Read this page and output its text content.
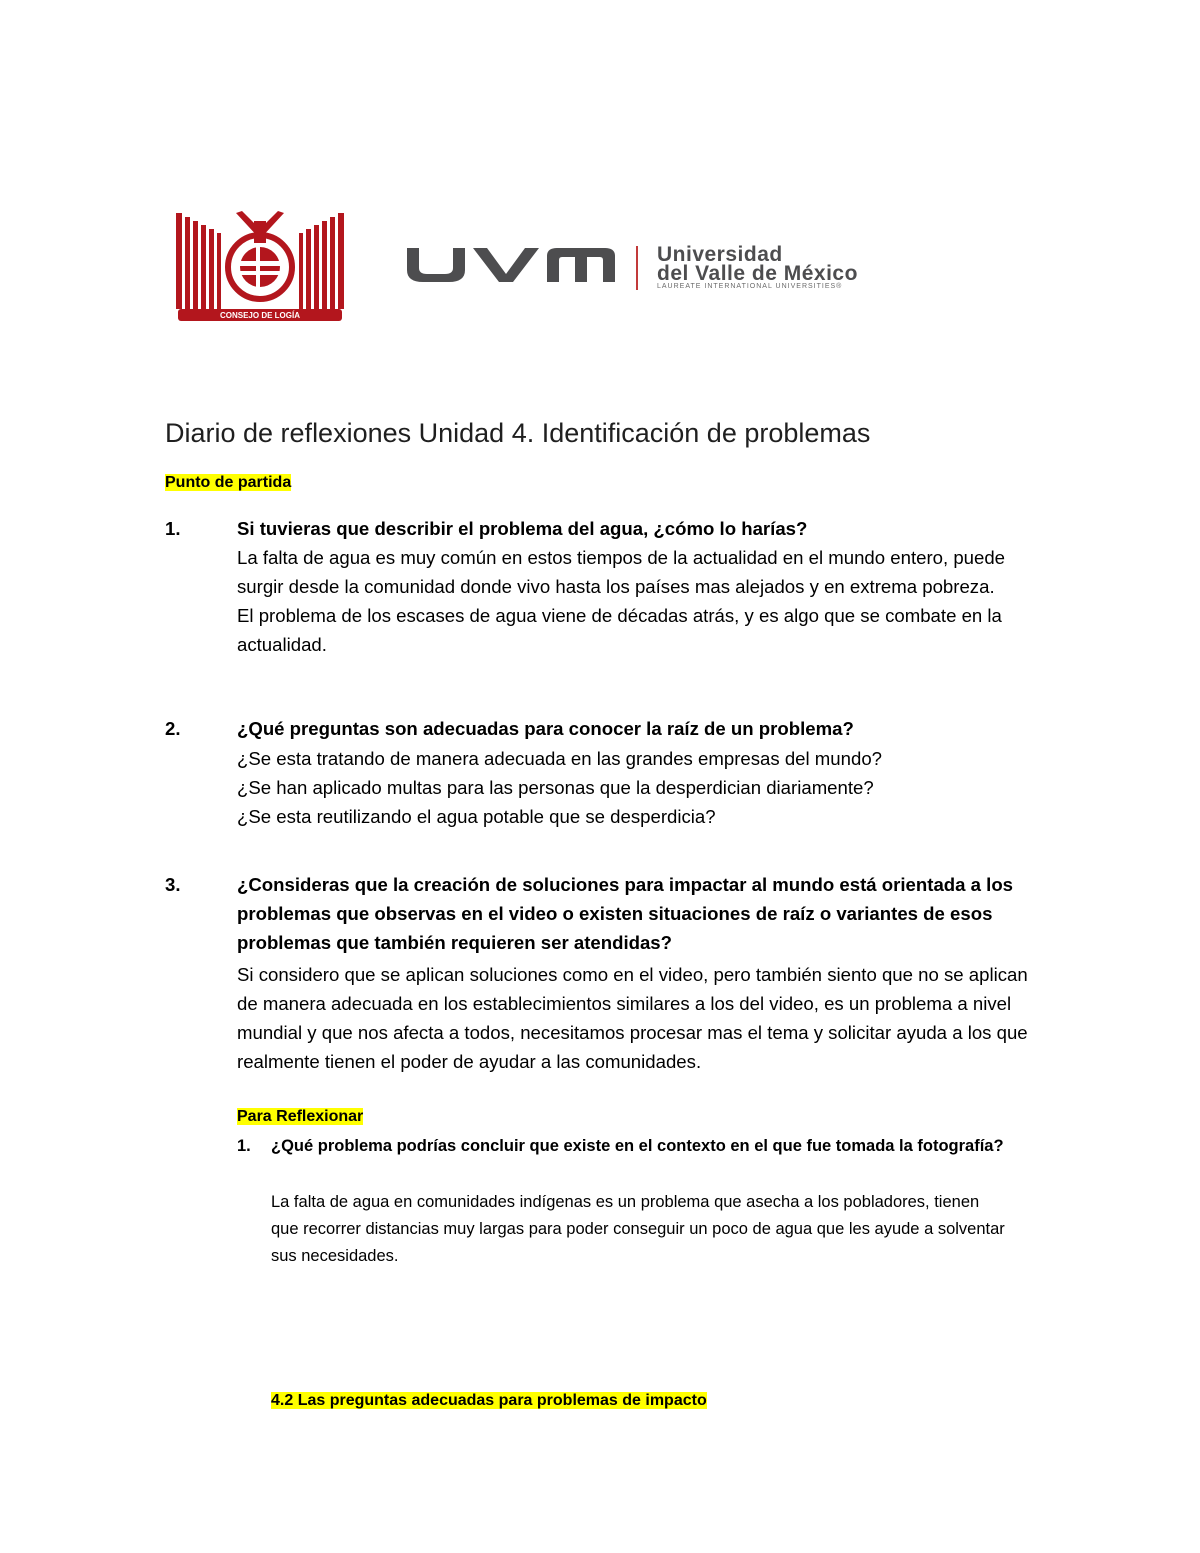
CONSEJO DE LOGÍA
Universidad
del Valle de México
LAUREATE INTERNATIONAL UNIVERSITIES®
Diario de reflexiones Unidad 4. Identificación de problemas
Punto de partida
1.	Si tuvieras que describir el problema del agua, ¿cómo lo harías?

La falta de agua es muy común en estos tiempos de la actualidad en el mundo entero, puede surgir desde la comunidad donde vivo hasta los países mas alejados y en extrema pobreza.

El problema de los escases de agua viene de décadas atrás, y es algo que se combate en la actualidad.

2.	¿Qué preguntas son adecuadas para conocer la raíz de un problema?

¿Se esta tratando de manera adecuada en las grandes empresas del mundo?

¿Se han aplicado multas para las personas que la desperdician diariamente?

¿Se esta reutilizando el agua potable que se desperdicia?

3.	¿Consideras que la creación de soluciones para impactar al mundo está orientada a los problemas que observas en el video o existen situaciones de raíz o variantes de esos problemas que también requieren ser atendidas?

Si considero que se aplican soluciones como en el video, pero también siento que no se aplican de manera adecuada en los establecimientos similares a los del video, es un problema a nivel mundial y que nos afecta a todos, necesitamos procesar mas el tema y solicitar ayuda a los que realmente tienen el poder de ayudar a las comunidades.

Para Reflexionar
1. ¿Qué problema podrías concluir que existe en el contexto en el que fue tomada la fotografía?

La falta de agua en comunidades indígenas es un problema que asecha a los pobladores, tienen que recorrer distancias muy largas para poder conseguir un poco de agua que les ayude a solventar sus necesidades.

4.2 Las preguntas adecuadas para problemas de impacto
